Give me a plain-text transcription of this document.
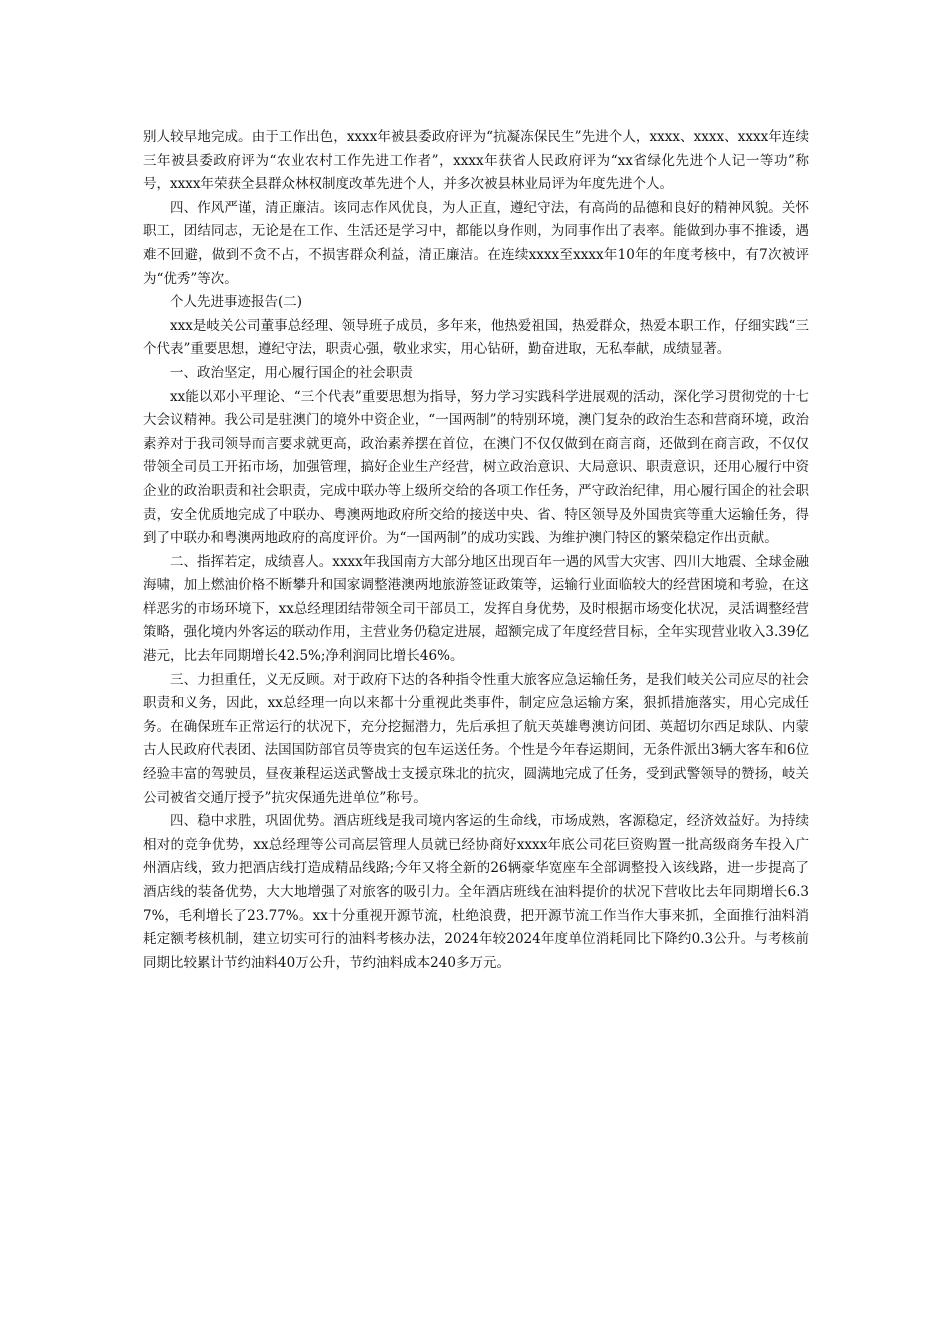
别人较早地完成。由于工作出色，xxxx年被县委政府评为“抗凝冻保民生”先进个人，xxxx、xxxx、xxxx年连续三年被县委政府评为“农业农村工作先进工作者”，xxxx年获省人民政府评为“xx省绿化先进个人记一等功”称号，xxxx年荣获全县群众林权制度改革先进个人，并多次被县林业局评为年度先进个人。

四、作风严谨，清正廉洁。该同志作风优良，为人正直，遵纪守法，有高尚的品德和良好的精神风貌。关怀职工，团结同志，无论是在工作、生活还是学习中，都能以身作则，为同事作出了表率。能做到办事不推诿，遇难不回避，做到不贪不占，不损害群众利益，清正廉洁。在连续xxxx至xxxx年10年的年度考核中，有7次被评为“优秀”等次。

个人先进事迹报告(二)

xxx是岐关公司董事总经理、领导班子成员，多年来，他热爱祖国，热爱群众，热爱本职工作，仔细实践“三个代表”重要思想，遵纪守法，职责心强，敬业求实，用心钻研，勤奋进取，无私奉献，成绩显著。

一、政治坚定，用心履行国企的社会职责

xx能以邓小平理论、“三个代表”重要思想为指导，努力学习实践科学进展观的活动，深化学习贯彻党的十七大会议精神。我公司是驻澳门的境外中资企业，“一国两制”的特别环境，澳门复杂的政治生态和营商环境，政治素养对于我司领导而言要求就更高，政治素养摆在首位，在澳门不仅仅做到在商言商，还做到在商言政，不仅仅带领全司员工开拓市场，加强管理，搞好企业生产经营，树立政治意识、大局意识、职责意识，还用心履行中资企业的政治职责和社会职责，完成中联办等上级所交给的各项工作任务，严守政治纪律，用心履行国企的社会职责，安全优质地完成了中联办、粤澳两地政府所交给的接送中央、省、特区领导及外国贵宾等重大运输任务，得到了中联办和粤澳两地政府的高度评价。为“一国两制”的成功实践、为维护澳门特区的繁荣稳定作出贡献。

二、指挥若定，成绩喜人。xxxx年我国南方大部分地区出现百年一遇的风雪大灾害、四川大地震、全球金融海啸，加上燃油价格不断攀升和国家调整港澳两地旅游签证政策等，运输行业面临较大的经营困境和考验，在这样恶劣的市场环境下，xx总经理团结带领全司干部员工，发挥自身优势，及时根据市场变化状况，灵活调整经营策略，强化境内外客运的联动作用，主营业务仍稳定进展，超额完成了年度经营目标，全年实现营业收入3.39亿港元，比去年同期增长42.5%;净利润同比增长46%。

三、力担重任，义无反顾。对于政府下达的各种指令性重大旅客应急运输任务，是我们岐关公司应尽的社会职责和义务，因此，xx总经理一向以来都十分重视此类事件，制定应急运输方案，狠抓措施落实，用心完成任务。在确保班车正常运行的状况下，充分挖掘潜力，先后承担了航天英雄粤澳访问团、英超切尔西足球队、内蒙古人民政府代表团、法国国防部官员等贵宾的包车运送任务。个性是今年春运期间，无条件派出3辆大客车和6位经验丰富的驾驶员，昼夜兼程运送武警战士支援京珠北的抗灾，圆满地完成了任务，受到武警领导的赞扬，岐关公司被省交通厅授予”抗灾保通先进单位”称号。

四、稳中求胜，巩固优势。酒店班线是我司境内客运的生命线，市场成熟，客源稳定，经济效益好。为持续相对的竞争优势，xx总经理等公司高层管理人员就已经协商好xxxx年底公司花巨资购置一批高级商务车投入广州酒店线，致力把酒店线打造成精品线路;今年又将全新的26辆豪华宽座车全部调整投入该线路，进一步提高了酒店线的装备优势，大大地增强了对旅客的吸引力。全年酒店班线在油料提价的状况下营收比去年同期增长6.37%，毛利增长了23.77%。xx十分重视开源节流，杜绝浪费，把开源节流工作当作大事来抓，全面推行油料消耗定额考核机制，建立切实可行的油料考核办法，2024年较2024年度单位消耗同比下降约0.3公升。与考核前同期比较累计节约油料40万公升，节约油料成本240多万元。
